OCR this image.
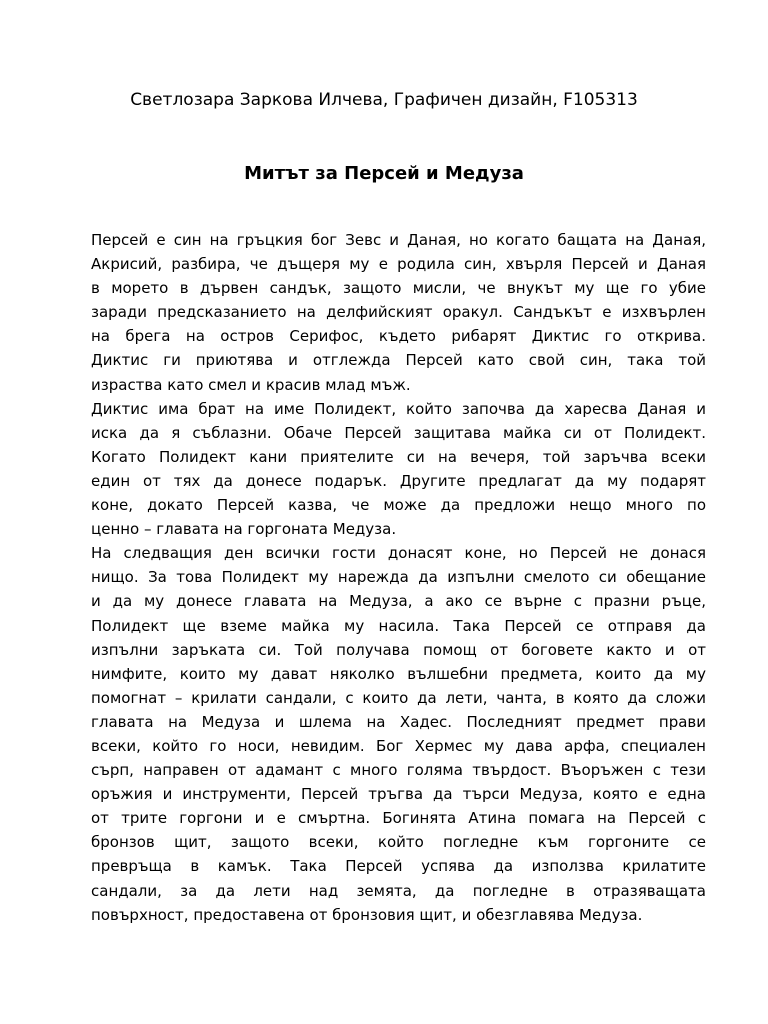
Светлозара Заркова Илчева, Графичен дизайн, F105313
Митът за Персей и Медуза
Персей е син на гръцкия бог Зевс и Даная, но когато бащата на Даная,
Акрисий, разбира, че дъщеря му е родила син, хвърля Персей и Даная
в морето в дървен сандък, защото мисли, че внукът му ще го убие
заради предсказанието на делфийският оракул. Сандъкът е изхвърлен
на брега на остров Серифос, където рибарят Диктис го открива.
Диктис ги приютява и отглежда Персей като свой син, така той
израства като смел и красив млад мъж.
Диктис има брат на име Полидект, който започва да харесва Даная и
иска да я съблазни. Обаче Персей защитава майка си от Полидект.
Когато Полидект кани приятелите си на вечеря, той заръчва всеки
един от тях да донесе подарък. Другите предлагат да му подарят
коне, докато Персей казва, че може да предложи нещо много по
ценно – главата на горгоната Медуза.
На следващия ден всички гости донасят коне, но Персей не донася
нищо. За това Полидект му нарежда да изпълни смелото си обещание
и да му донесе главата на Медуза, а ако се върне с празни ръце,
Полидект ще вземе майка му насила. Така Персей се отправя да
изпълни заръката си. Той получава помощ от боговете както и от
нимфите, които му дават няколко вълшебни предмета, които да му
помогнат – крилати сандали, с които да лети, чанта, в която да сложи
главата на Медуза и шлема на Хадес. Последният предмет прави
всеки, който го носи, невидим. Бог Хермес му дава арфа, специален
сърп, направен от адамант с много голяма твърдост. Въоръжен с тези
оръжия и инструменти, Персей тръгва да търси Медуза, която е една
от трите горгони и е смъртна. Богинята Атина помага на Персей с
бронзов щит, защото всеки, който погледне към горгоните се
превръща в камък. Така Персей успява да използва крилатите
сандали, за да лети над земята, да погледне в отразяващата
повърхност, предоставена от бронзовия щит, и обезглавява Медуза.
